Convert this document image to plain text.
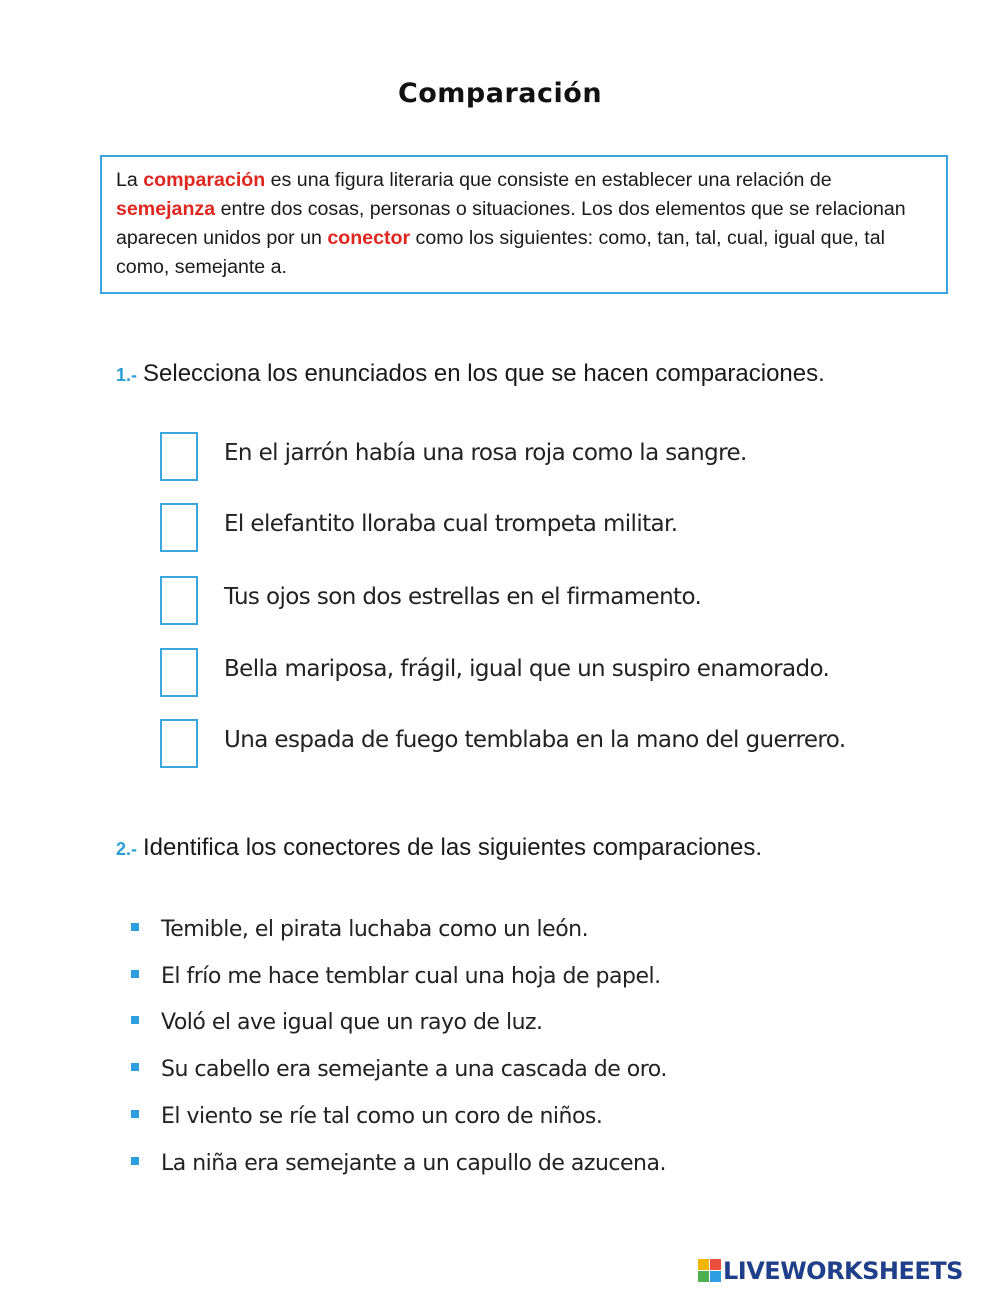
Comparación
La comparación es una figura literaria que consiste en establecer una relación de semejanza entre dos cosas, personas o situaciones. Los dos elementos que se relacionan aparecen unidos por un conector como los siguientes: como, tan, tal, cual, igual que, tal como, semejante a.
1.- Selecciona los enunciados en los que se hacen comparaciones.
En el jarrón había una rosa roja como la sangre.
El elefantito lloraba cual trompeta militar.
Tus ojos son dos estrellas en el firmamento.
Bella mariposa, frágil, igual que un suspiro enamorado.
Una espada de fuego temblaba en la mano del guerrero.
2.- Identifica los conectores de las siguientes comparaciones.
Temible, el pirata luchaba como un león.
El frío me hace temblar cual una hoja de papel.
Voló el ave igual que un rayo de luz.
Su cabello era semejante a una cascada de oro.
El viento se ríe tal como un coro de niños.
La niña era semejante a un capullo de azucena.
LIVEWORKSHEETS
